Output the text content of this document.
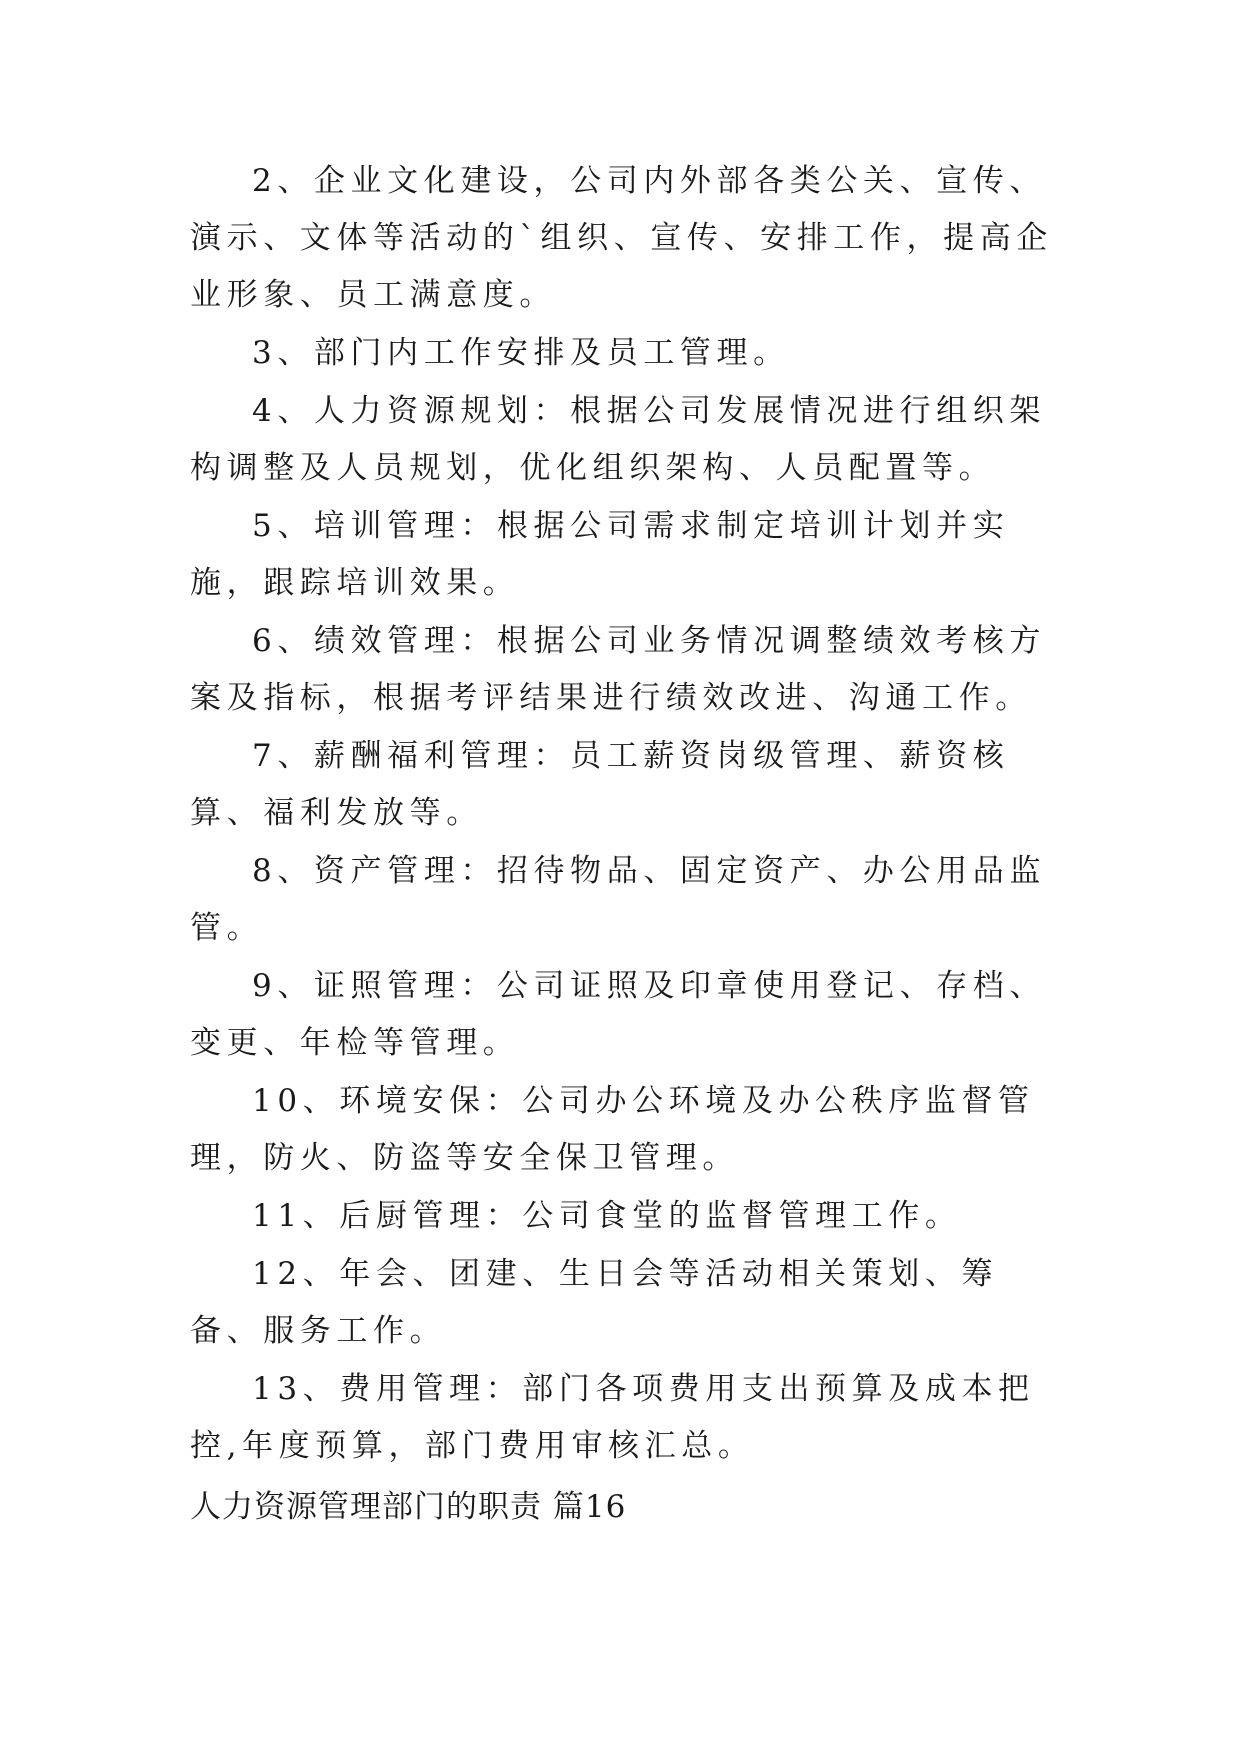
2、企业文化建设，公司内外部各类公关、宣传、演示、文体等活动的`组织、宣传、安排工作，提高企业形象、员工满意度。

3、部门内工作安排及员工管理。

4、人力资源规划：根据公司发展情况进行组织架构调整及人员规划，优化组织架构、人员配置等。

5、培训管理：根据公司需求制定培训计划并实施，跟踪培训效果。

6、绩效管理：根据公司业务情况调整绩效考核方案及指标，根据考评结果进行绩效改进、沟通工作。

7、薪酬福利管理：员工薪资岗级管理、薪资核算、福利发放等。

8、资产管理：招待物品、固定资产、办公用品监管。

9、证照管理：公司证照及印章使用登记、存档、变更、年检等管理。

10、环境安保：公司办公环境及办公秩序监督管理，防火、防盗等安全保卫管理。

11、后厨管理：公司食堂的监督管理工作。

12、年会、团建、生日会等活动相关策划、筹备、服务工作。

13、费用管理：部门各项费用支出预算及成本把控,年度预算，部门费用审核汇总。

人力资源管理部门的职责 篇16
